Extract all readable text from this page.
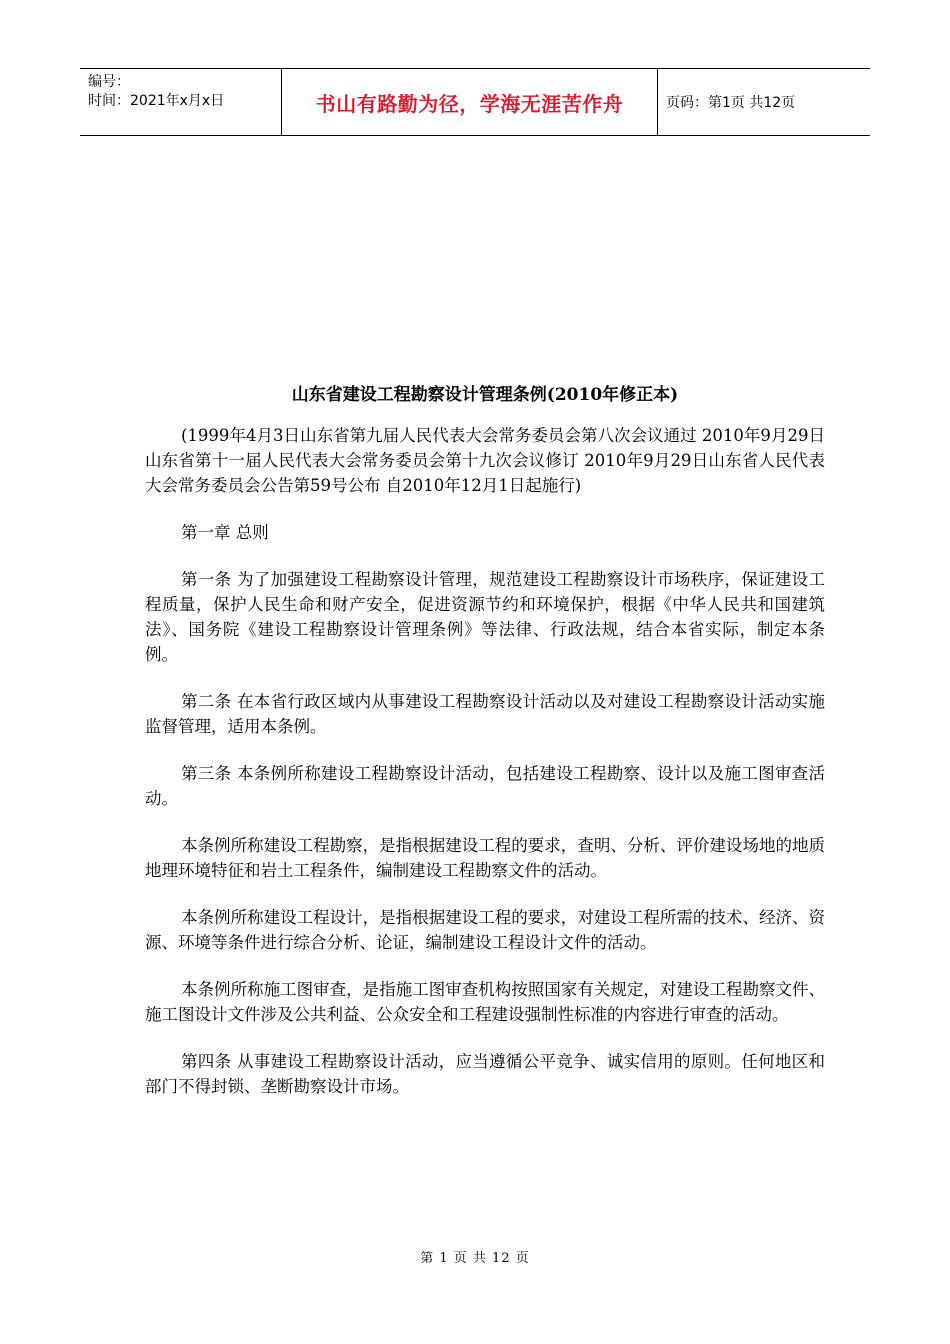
编号：
时间：2021年x月x日	书山有路勤为径，学海无涯苦作舟	页码：第1页 共12页
山东省建设工程勘察设计管理条例(2010年修正本)

(1999年4月3日山东省第九届人民代表大会常务委员会第八次会议通过 2010年9月29日山东省第十一届人民代表大会常务委员会第十九次会议修订 2010年9月29日山东省人民代表大会常务委员会公告第59号公布 自2010年12月1日起施行)

第一章 总则

第一条 为了加强建设工程勘察设计管理，规范建设工程勘察设计市场秩序，保证建设工程质量，保护人民生命和财产安全，促进资源节约和环境保护，根据《中华人民共和国建筑法》、国务院《建设工程勘察设计管理条例》等法律、行政法规，结合本省实际，制定本条例。

第二条 在本省行政区域内从事建设工程勘察设计活动以及对建设工程勘察设计活动实施监督管理，适用本条例。

第三条 本条例所称建设工程勘察设计活动，包括建设工程勘察、设计以及施工图审查活动。

本条例所称建设工程勘察，是指根据建设工程的要求，查明、分析、评价建设场地的地质地理环境特征和岩土工程条件，编制建设工程勘察文件的活动。

本条例所称建设工程设计，是指根据建设工程的要求，对建设工程所需的技术、经济、资源、环境等条件进行综合分析、论证，编制建设工程设计文件的活动。

本条例所称施工图审查，是指施工图审查机构按照国家有关规定，对建设工程勘察文件、施工图设计文件涉及公共利益、公众安全和工程建设强制性标准的内容进行审查的活动。

第四条 从事建设工程勘察设计活动，应当遵循公平竞争、诚实信用的原则。任何地区和部门不得封锁、垄断勘察设计市场。

第 1 页 共 12 页
